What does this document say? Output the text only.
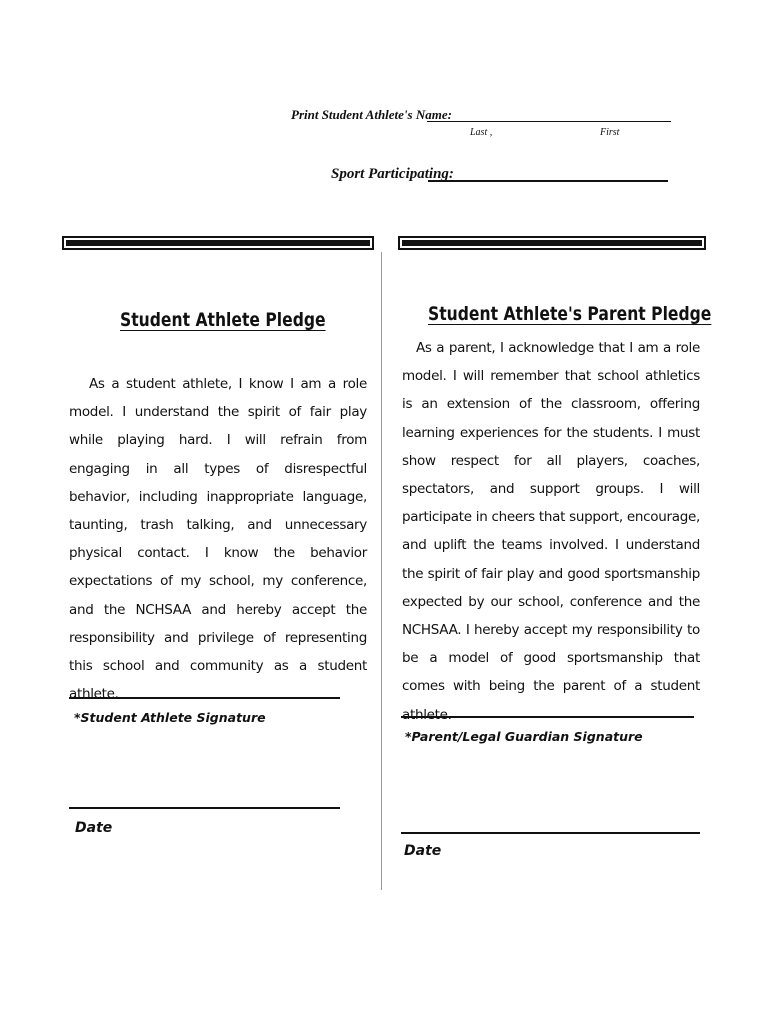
Print Student Athlete's Name:
Last ,	First
Sport Participating:
Student Athlete Pledge
As a student athlete, I know I am a role model. I understand the spirit of fair play while playing hard. I will refrain from engaging in all types of disrespectful behavior, including inappropriate language, taunting, trash talking, and unnecessary physical contact. I know the behavior expectations of my school, my conference, and the NCHSAA and hereby accept the responsibility and privilege of representing this school and community as a student athlete.
*Student Athlete Signature
Date
Student Athlete's Parent Pledge
As a parent, I acknowledge that I am a role model. I will remember that school athletics is an extension of the classroom, offering learning experiences for the students. I must show respect for all players, coaches, spectators, and support groups. I will participate in cheers that support, encourage, and uplift the teams involved. I understand the spirit of fair play and good sportsmanship expected by our school, conference and the NCHSAA. I hereby accept my responsibility to be a model of good sportsmanship that comes with being the parent of a student athlete.
*Parent/Legal Guardian Signature
Date
